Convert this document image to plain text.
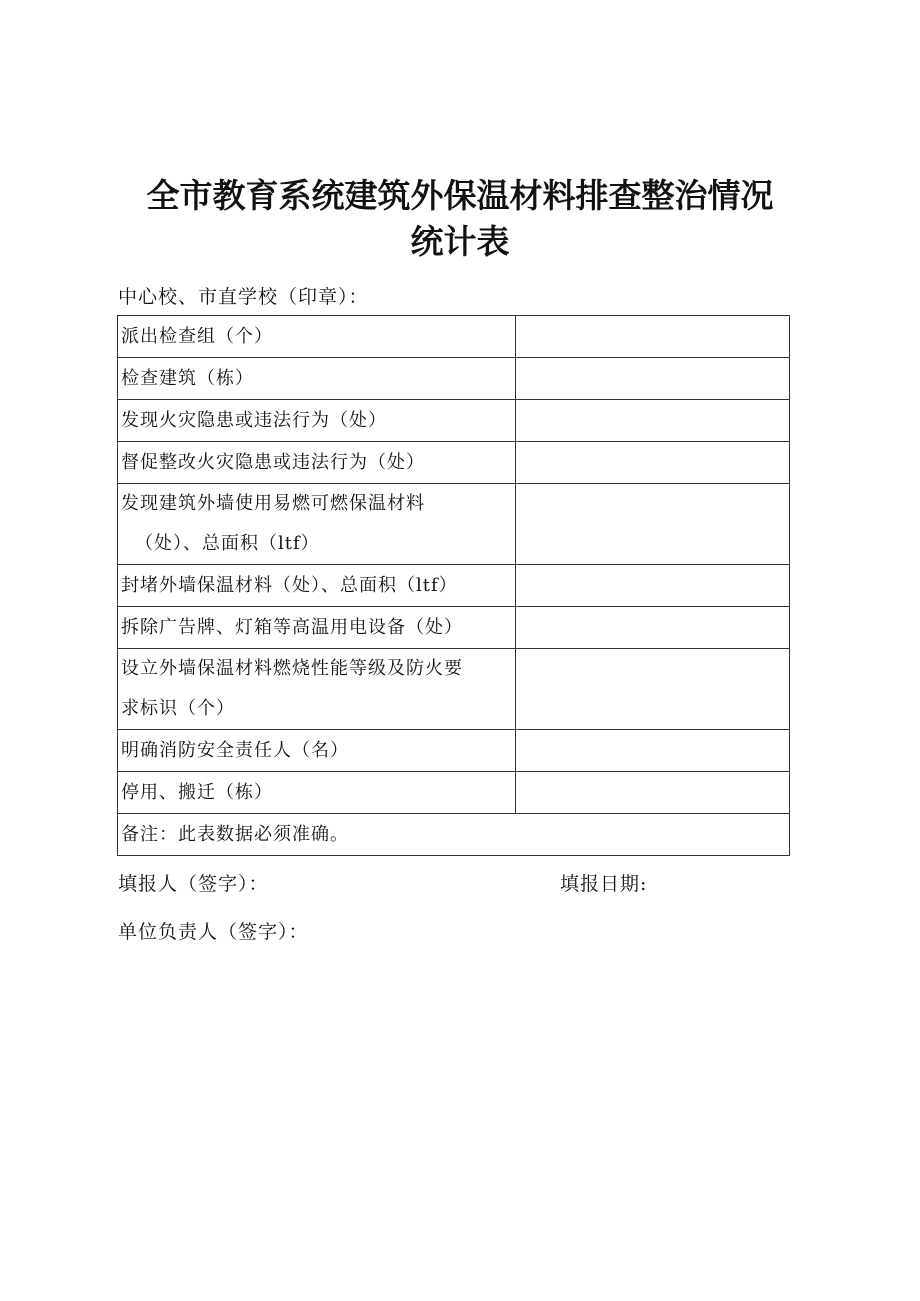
全市教育系统建筑外保温材料排查整治情况
统计表
中心校、市直学校（印章）：
派出检查组（个）	

检查建筑（栋）	

发现火灾隐患或违法行为（处）	

督促整改火灾隐患或违法行为（处）	

发现建筑外墙使用易燃可燃保温材料
（处）、总面积（ltf）	

封堵外墙保温材料（处）、总面积（ltf）	

拆除广告牌、灯箱等高温用电设备（处）	

设立外墙保温材料燃烧性能等级及防火要
求标识（个）	

明确消防安全责任人（名）	

停用、搬迁（栋）	

备注：此表数据必须准确。	
填报人（签字）：	填报日期:
单位负责人（签字）：
